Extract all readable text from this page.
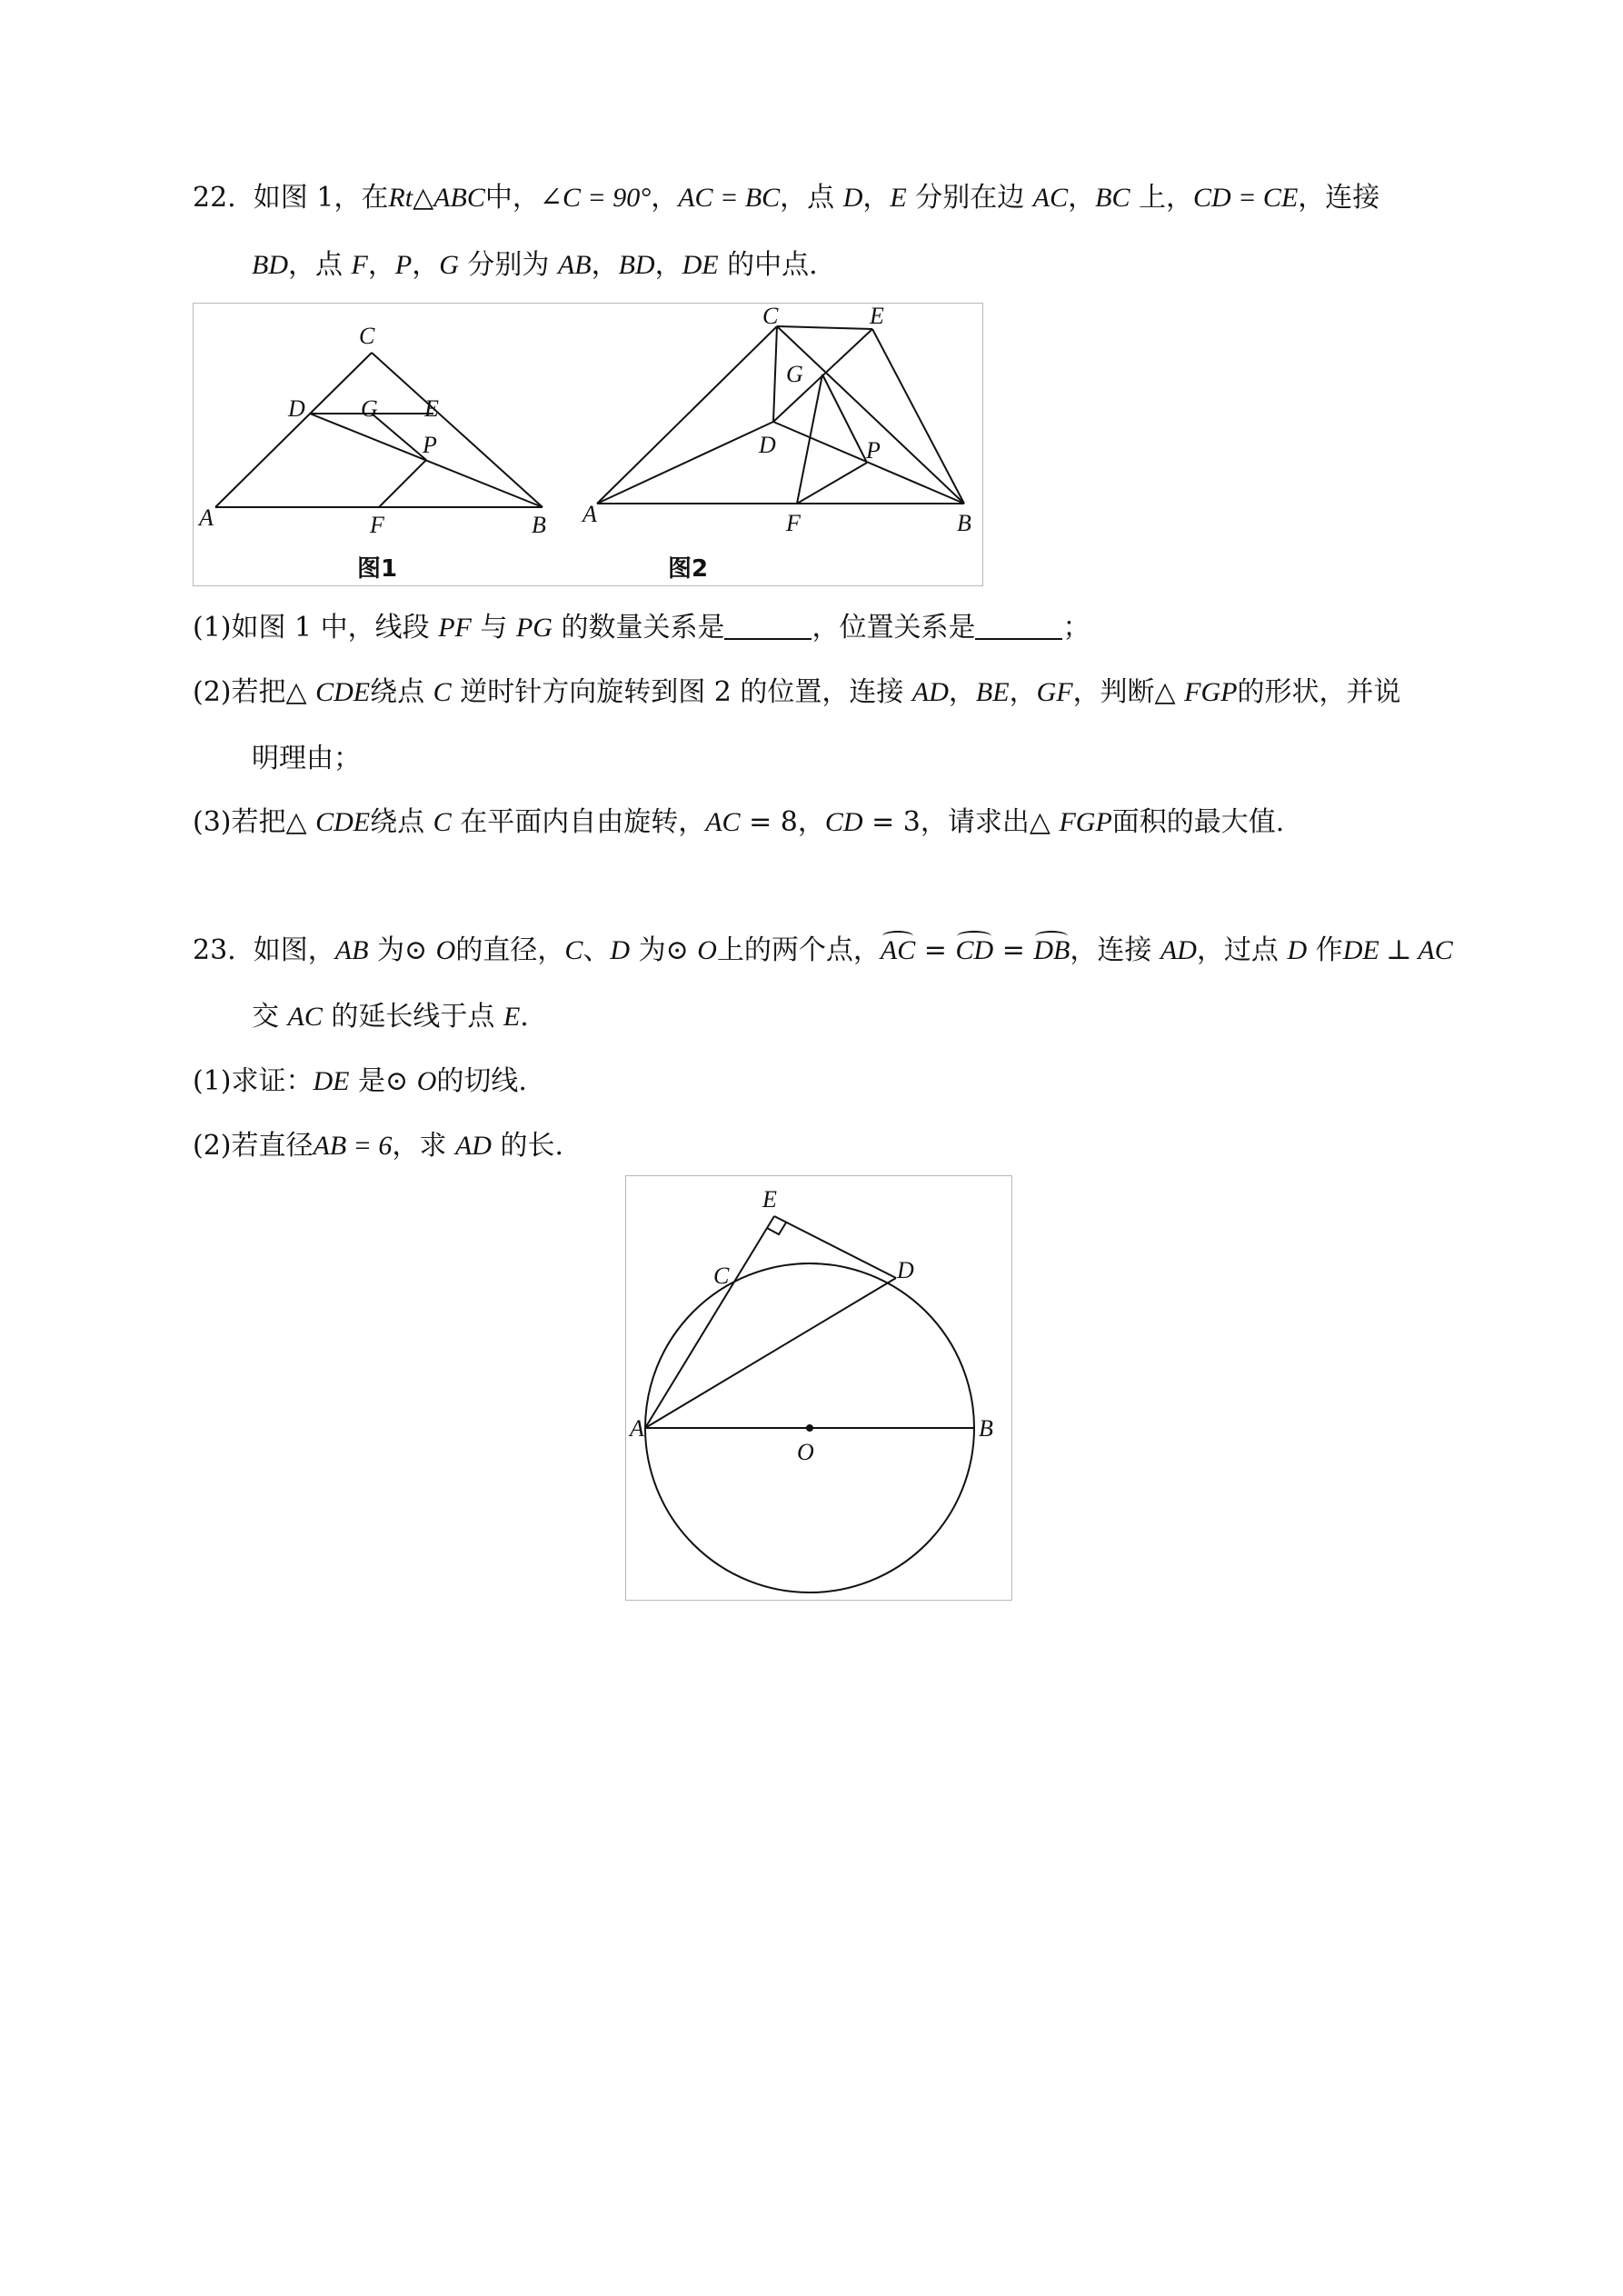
22. 如图 1，在Rt△ABC中，∠C = 90°，AC = BC，点 D，E 分别在边 AC，BC 上，CD = CE，连接
BD，点 F，P，G 分别为 AB，BD，DE 的中点.
C
D G E
P
A	F	B
图1
C	E
G
D	P
A	F	B
图2
(1)如图 1 中，线段 PF 与 PG 的数量关系是	，位置关系是	；
(2)若把△ CDE绕点 C 逆时针方向旋转到图 2 的位置，连接 AD，BE，GF，判断△ FGP的形状，并说
明理由；
(3)若把△ CDE绕点 C 在平面内自由旋转，AC = 8，CD = 3，请求出△ FGP面积的最大值.
23. 如图，AB 为⊙ O的直径，C、D 为⊙ O上的两个点，AC = CD = DB，连接 AD，过点 D 作DE ⊥ AC
交 AC 的延长线于点 E.
(1)求证：DE 是⊙ O的切线.
(2)若直径AB = 6，求 AD 的长.
E
C	D
A	B
O
